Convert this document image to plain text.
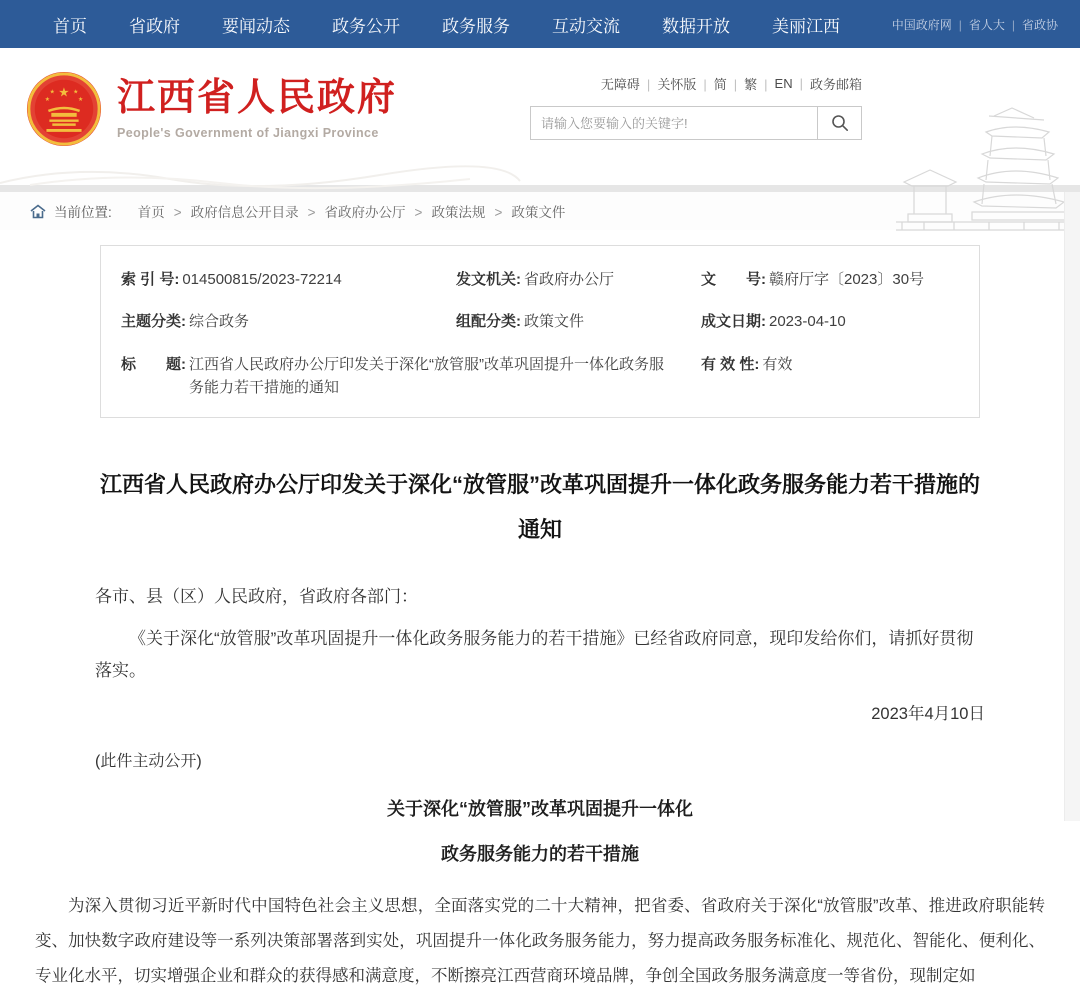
首页	省政府	要闻动态	政务公开	政务服务	互动交流	数据开放	美丽江西	中国政府网 |	省人大 |	省政协
★
★	★
★	★ 江西省人民政府
People's Government of Jiangxi Province
无障碍 |	关怀版 |	简 |	繁 |	EN |	政务邮箱
请输入您要输入的关键字!
当前位置: 首页 >	政府信息公开目录 >	省政府办公厅 >	政策法规 >	政策文件
索 引 号: 014500815/2023-72214	发文机关: 省政府办公厅	文　　号: 赣府厅字〔2023〕30号
主题分类: 综合政务	组配分类: 政策文件	成文日期: 2023-04-10
标　　题: 江西省人民政府办公厅印发关于深化“放管服”改革巩固提升一体化政务服务能力若干措施的通知
有 效 性: 有效
江西省人民政府办公厅印发关于深化“放管服”改革巩固提升一体化政务服务能力若干措施的通知

各市、县（区）人民政府，省政府各部门：

《关于深化“放管服”改革巩固提升一体化政务服务能力的若干措施》已经省政府同意，现印发给你们，请抓好贯彻落实。

2023年4月10日

(此件主动公开)

关于深化“放管服”改革巩固提升一体化
政务服务能力的若干措施

为深入贯彻习近平新时代中国特色社会主义思想，全面落实党的二十大精神，把省委、省政府关于深化“放管服”改革、推进政府职能转变、加快数字政府建设等一系列决策部署落到实处，巩固提升一体化政务服务能力，努力提高政务服务标准化、规范化、智能化、便利化、专业化水平，切实增强企业和群众的获得感和满意度，不断擦亮江西营商环境品牌，争创全国政务服务满意度一等省份，现制定如
